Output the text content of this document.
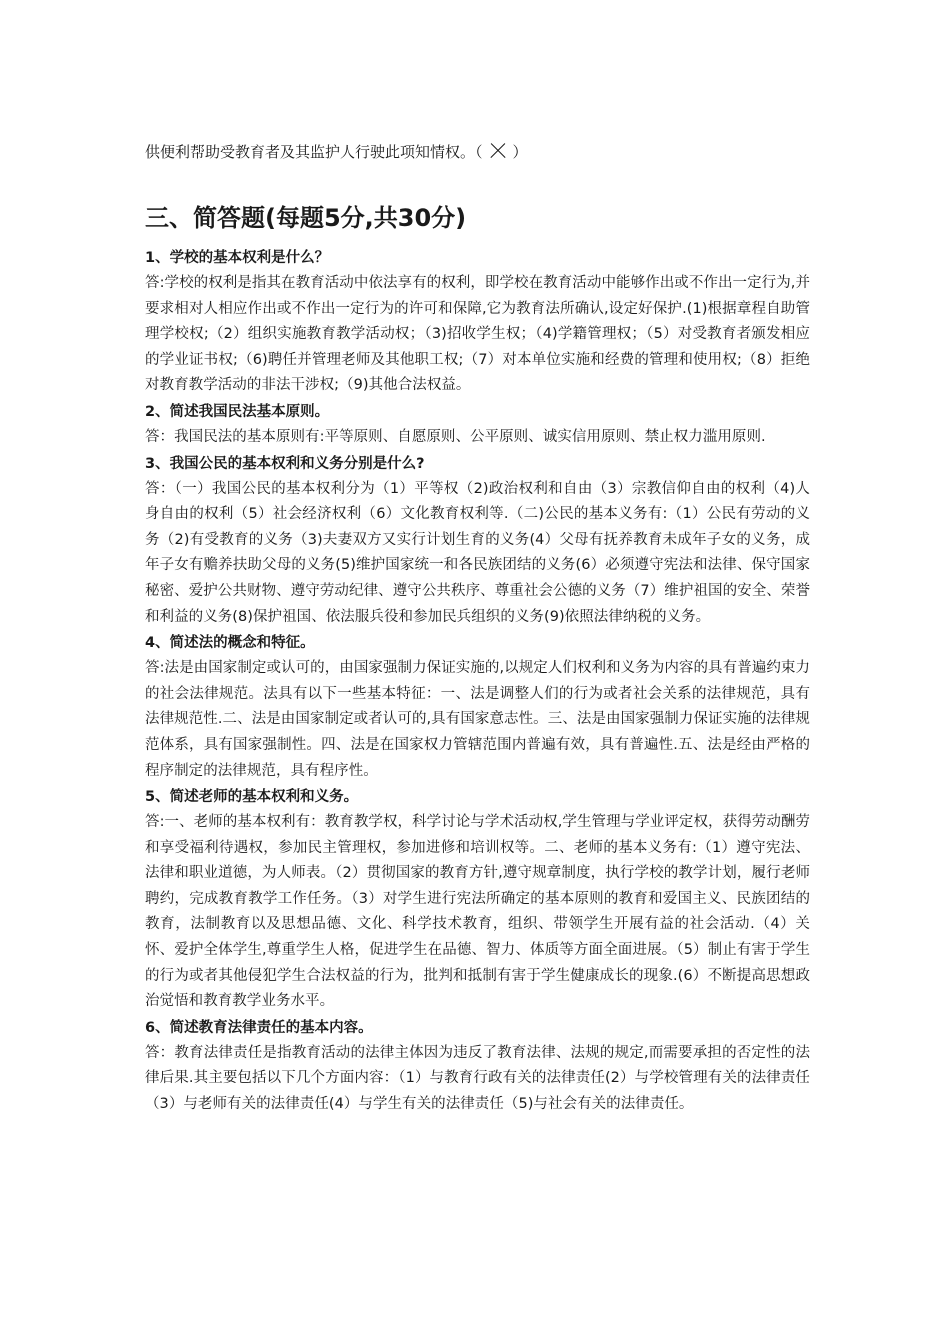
供便利帮助受教育者及其监护人行驶此项知情权。（ ）
三、简答题(每题5分,共30分)

1、学校的基本权利是什么？

答:学校的权利是指其在教育活动中依法享有的权利，即学校在教育活动中能够作出或不作出一定行为,并要求相对人相应作出或不作出一定行为的许可和保障,它为教育法所确认,设定好保护.(1)根据章程自助管理学校权;（2）组织实施教育教学活动权；（3)招收学生权；（4)学籍管理权；（5）对受教育者颁发相应的学业证书权;（6)聘任并管理老师及其他职工权;（7）对本单位实施和经费的管理和使用权;（8）拒绝对教育教学活动的非法干涉权;（9)其他合法权益。

2、简述我国民法基本原则。

答：我国民法的基本原则有:平等原则、自愿原则、公平原则、诚实信用原则、禁止权力滥用原则.

3、我国公民的基本权利和义务分别是什么?

答：（一）我国公民的基本权利分为（1）平等权（2)政治权利和自由（3）宗教信仰自由的权利（4)人身自由的权利（5）社会经济权利（6）文化教育权利等.（二)公民的基本义务有:（1）公民有劳动的义务（2)有受教育的义务（3)夫妻双方又实行计划生育的义务(4）父母有抚养教育未成年子女的义务，成年子女有赡养扶助父母的义务(5)维护国家统一和各民族团结的义务(6）必须遵守宪法和法律、保守国家秘密、爱护公共财物、遵守劳动纪律、遵守公共秩序、尊重社会公德的义务（7）维护祖国的安全、荣誉和利益的义务(8)保护祖国、依法服兵役和参加民兵组织的义务(9)依照法律纳税的义务。

4、简述法的概念和特征。

答:法是由国家制定或认可的，由国家强制力保证实施的,以规定人们权利和义务为内容的具有普遍约束力的社会法律规范。法具有以下一些基本特征：一、法是调整人们的行为或者社会关系的法律规范，具有法律规范性.二、法是由国家制定或者认可的,具有国家意志性。三、法是由国家强制力保证实施的法律规范体系，具有国家强制性。四、法是在国家权力管辖范围内普遍有效，具有普遍性.五、法是经由严格的程序制定的法律规范，具有程序性。

5、简述老师的基本权利和义务。

答:一、老师的基本权利有：教育教学权，科学讨论与学术活动权,学生管理与学业评定权，获得劳动酬劳和享受福利待遇权，参加民主管理权，参加进修和培训权等。二、老师的基本义务有:（1）遵守宪法、法律和职业道德，为人师表。（2）贯彻国家的教育方针,遵守规章制度，执行学校的教学计划，履行老师聘约，完成教育教学工作任务。（3）对学生进行宪法所确定的基本原则的教育和爱国主义、民族团结的教育，法制教育以及思想品德、文化、科学技术教育，组织、带领学生开展有益的社会活动.（4）关怀、爱护全体学生,尊重学生人格，促进学生在品德、智力、体质等方面全面进展。（5）制止有害于学生的行为或者其他侵犯学生合法权益的行为，批判和抵制有害于学生健康成长的现象.(6）不断提高思想政治觉悟和教育教学业务水平。

6、简述教育法律责任的基本内容。

答：教育法律责任是指教育活动的法律主体因为违反了教育法律、法规的规定,而需要承担的否定性的法律后果.其主要包括以下几个方面内容：（1）与教育行政有关的法律责任(2）与学校管理有关的法律责任（3）与老师有关的法律责任(4）与学生有关的法律责任（5)与社会有关的法律责任。
